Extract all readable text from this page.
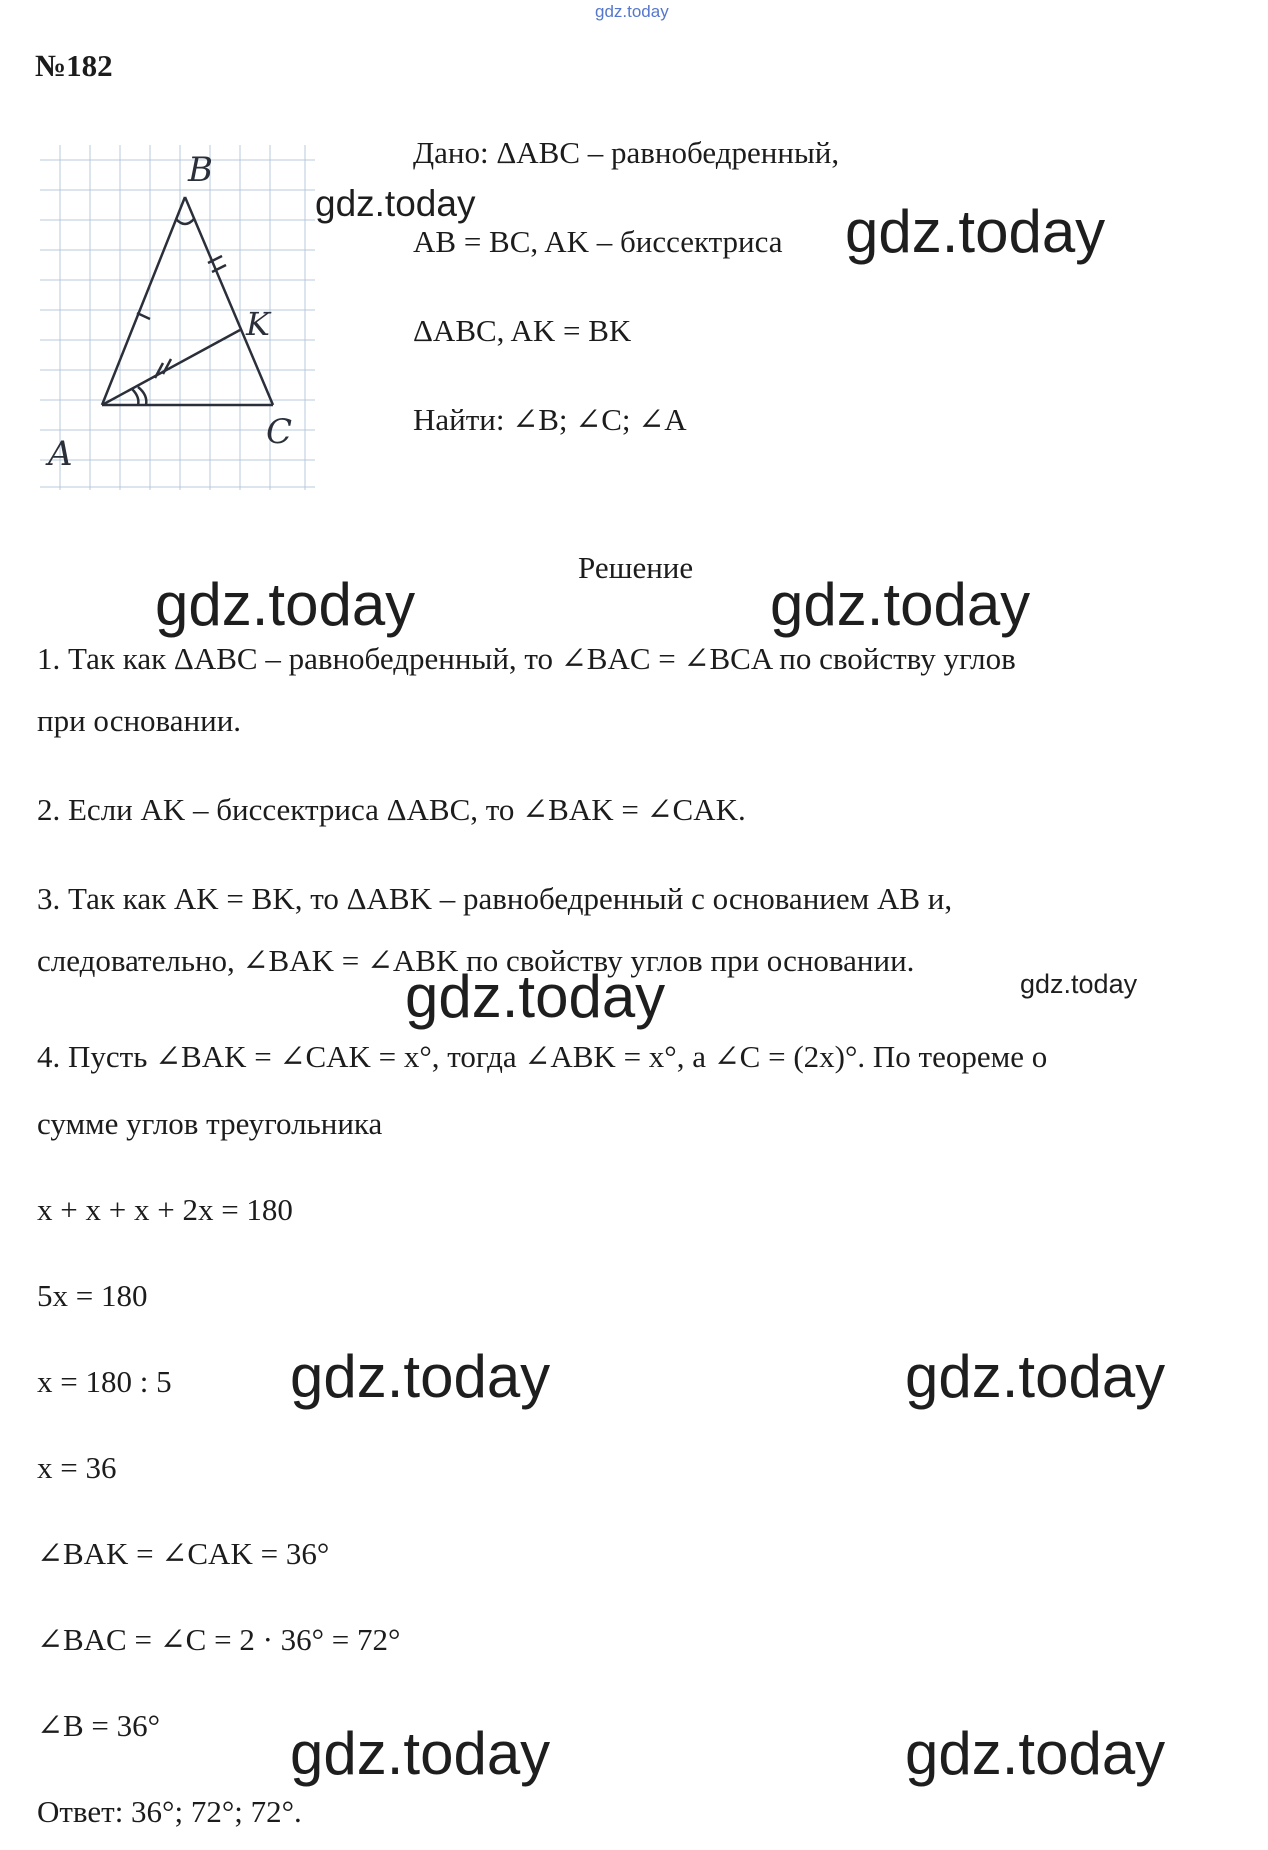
gdz.today
№182
B
K
C
A
Дано: ΔABC – равнобедренный,
AB = BC, AK – биссектриса
ΔABC, AK = BK
Найти: ∠B; ∠C; ∠A
Решение
1. Так как ΔABC – равнобедренный, то ∠BAC = ∠BCA по свойству углов
при основании.
2. Если AK – биссектриса ΔABC, то ∠BAK = ∠CAK.
3. Так как AK = BK, то ΔABK – равнобедренный с основанием AB и,
следовательно, ∠BAK = ∠ABK по свойству углов при основании.
4. Пусть ∠BAK = ∠CAK = x°, тогда ∠ABK = x°, а ∠C = (2x)°. По теореме о
сумме углов треугольника
x + x + x + 2x = 180
5x = 180
x = 180 : 5
x = 36
∠BAK = ∠CAK = 36°
∠BAC = ∠C = 2 · 36° = 72°
∠B = 36°
Ответ: 36°; 72°; 72°.
gdz.today	gdz.today
gdz.today	gdz.today
gdz.today	gdz.today
gdz.today	gdz.today
gdz.today	gdz.today
